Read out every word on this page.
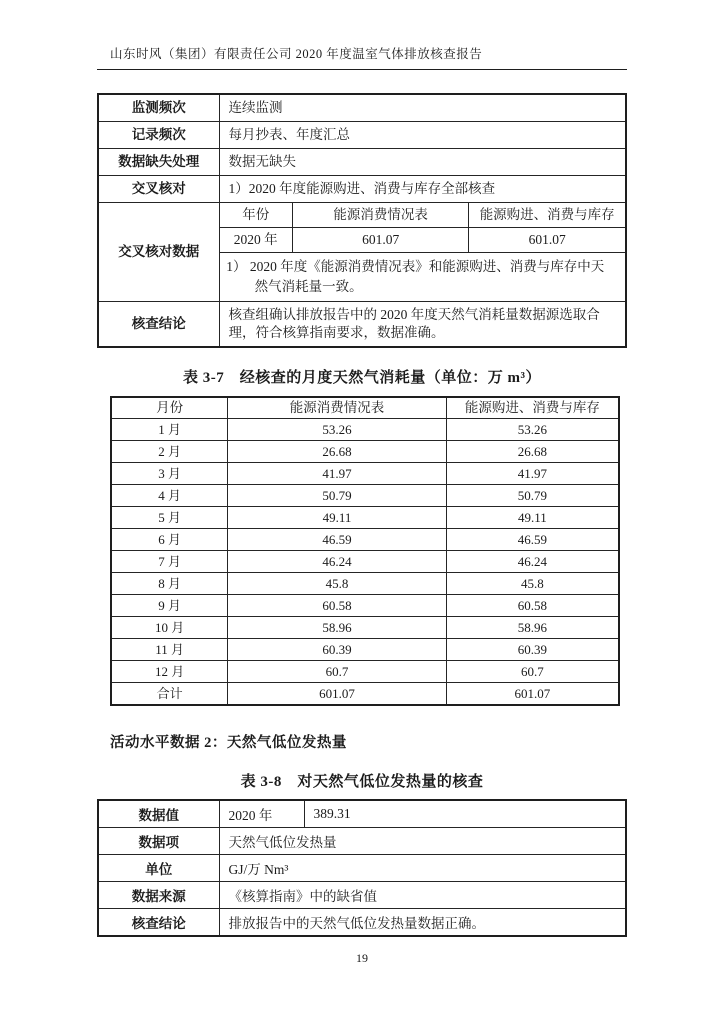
山东时风（集团）有限责任公司 2020 年度温室气体排放核查报告
监测频次	连续监测
记录频次	每月抄表、年度汇总
数据缺失处理	数据无缺失
交叉核对	1）2020 年度能源购进、消费与库存全部核查
交叉核对数据	
年份	能源消费情况表	能源购进、消费与库存
2020 年	601.07	601.07
1） 2020 年度《能源消费情况表》和能源购进、消费与库存中天然气消耗量一致。

核查结论	核查组确认排放报告中的 2020 年度天然气消耗量数据源选取合理，符合核算指南要求，数据准确。
表 3-7　经核查的月度天然气消耗量（单位：万 m³）
月份	能源消费情况表	能源购进、消费与库存
1 月	53.26	53.26
2 月	26.68	26.68
3 月	41.97	41.97
4 月	50.79	50.79
5 月	49.11	49.11
6 月	46.59	46.59
7 月	46.24	46.24
8 月	45.8	45.8
9 月	60.58	60.58
10 月	58.96	58.96
11 月	60.39	60.39
12 月	60.7	60.7
合计	601.07	601.07
活动水平数据 2：天然气低位发热量
表 3-8　对天然气低位发热量的核查
数据值	2020 年	389.31
数据项	天然气低位发热量	
单位	GJ/万 Nm³	
数据来源	《核算指南》中的缺省值	
核查结论	排放报告中的天然气低位发热量数据正确。	
19
